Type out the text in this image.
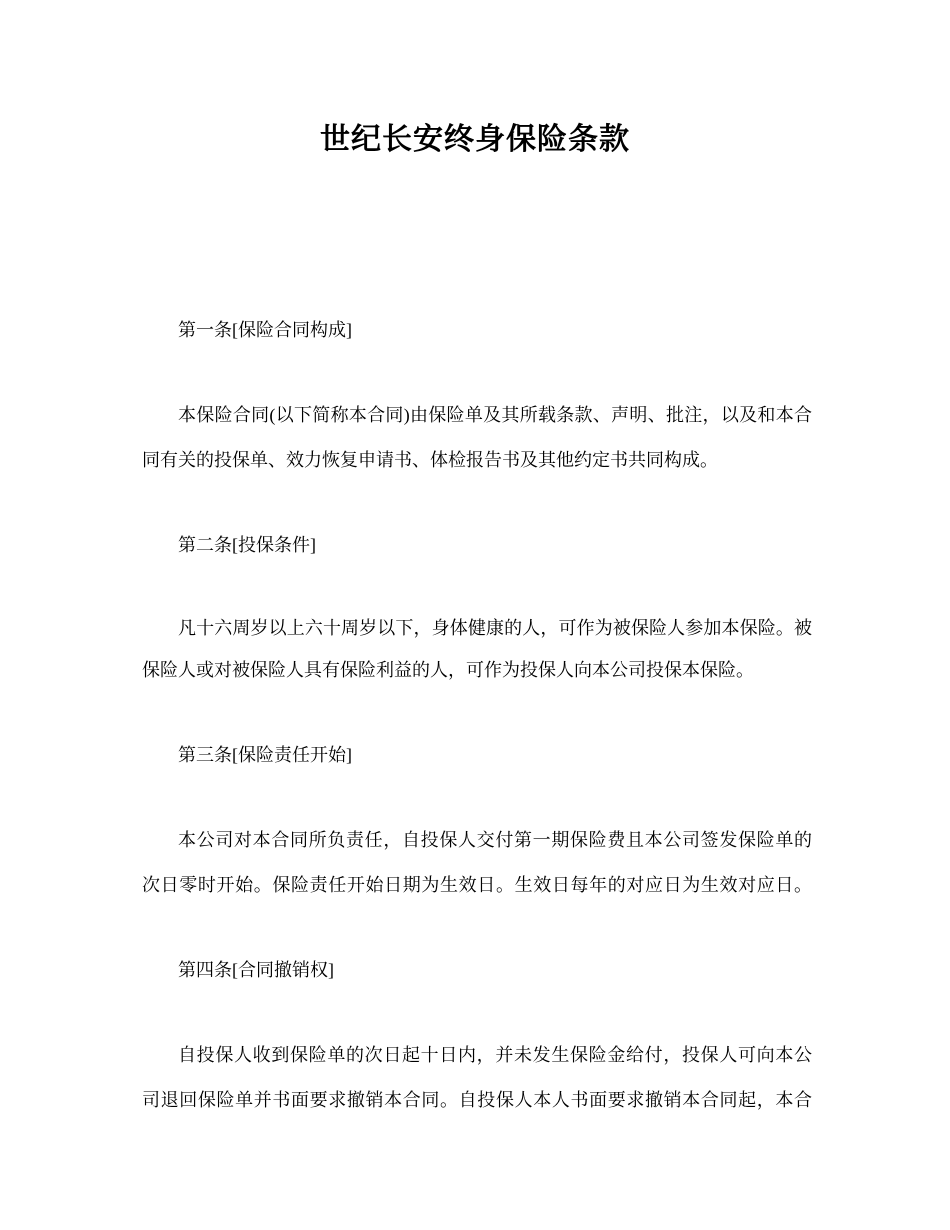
世纪长安终身保险条款
第一条[保险合同构成]
本保险合同(以下简称本合同)由保险单及其所载条款、声明、批注，以及和本合
同有关的投保单、效力恢复申请书、体检报告书及其他约定书共同构成。
第二条[投保条件]
凡十六周岁以上六十周岁以下，身体健康的人，可作为被保险人参加本保险。被
保险人或对被保险人具有保险利益的人，可作为投保人向本公司投保本保险。
第三条[保险责任开始]
本公司对本合同所负责任，自投保人交付第一期保险费且本公司签发保险单的
次日零时开始。保险责任开始日期为生效日。生效日每年的对应日为生效对应日。
第四条[合同撤销权]
自投保人收到保险单的次日起十日内，并未发生保险金给付，投保人可向本公
司退回保险单并书面要求撤销本合同。自投保人本人书面要求撤销本合同起，本合
